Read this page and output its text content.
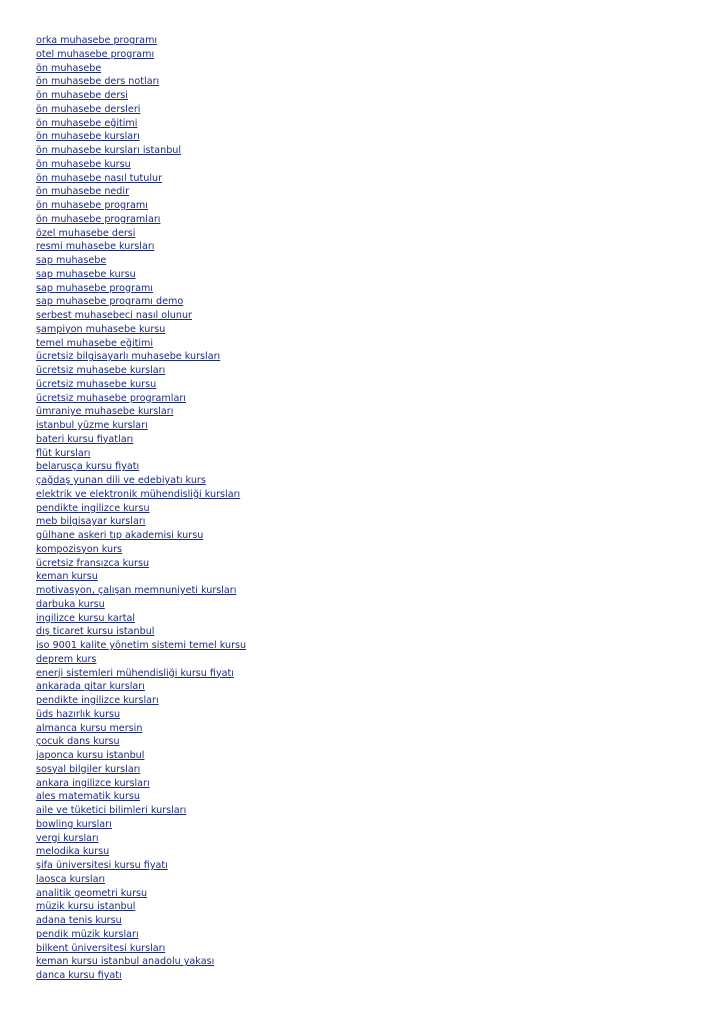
orka muhasebe programı
otel muhasebe programı
ön muhasebe
ön muhasebe ders notları
ön muhasebe dersi
ön muhasebe dersleri
ön muhasebe eğitimi
ön muhasebe kursları
ön muhasebe kursları istanbul
ön muhasebe kursu
ön muhasebe nasıl tutulur
ön muhasebe nedir
ön muhasebe programı
ön muhasebe programları
özel muhasebe dersi
resmi muhasebe kursları
sap muhasebe
sap muhasebe kursu
sap muhasebe programı
sap muhasebe programı demo
serbest muhasebeci nasıl olunur
şampiyon muhasebe kursu
temel muhasebe eğitimi
ücretsiz bilgisayarlı muhasebe kursları
ücretsiz muhasebe kursları
ücretsiz muhasebe kursu
ücretsiz muhasebe programları
ümraniye muhasebe kursları
istanbul yüzme kursları
bateri kursu fiyatları
flüt kursları
belarusça kursu fiyatı
çağdaş yunan dili ve edebiyatı kurs
elektrik ve elektronik mühendisliği kursları
pendikte ingilizce kursu
meb bilgisayar kursları
gülhane askeri tıp akademisi kursu
kompozisyon kurs
ücretsiz fransızca kursu
keman kursu
motivasyon, çalışan memnuniyeti kursları
darbuka kursu
ingilizce kursu kartal
dış ticaret kursu istanbul
iso 9001 kalite yönetim sistemi temel kursu
deprem kurs
enerji sistemleri mühendisliği kursu fiyatı
ankarada gitar kursları
pendikte ingilizce kursları
üds hazırlık kursu
almanca kursu mersin
çocuk dans kursu
japonca kursu istanbul
sosyal bilgiler kursları
ankara ingilizce kursları
ales matematik kursu
aile ve tüketici bilimleri kursları
bowling kursları
vergi kursları
melodika kursu
şifa üniversitesi kursu fiyatı
laosca kursları
analitik geometri kursu
müzik kursu istanbul
adana tenis kursu
pendik müzik kursları
bilkent üniversitesi kursları
keman kursu istanbul anadolu yakası
danca kursu fiyatı
